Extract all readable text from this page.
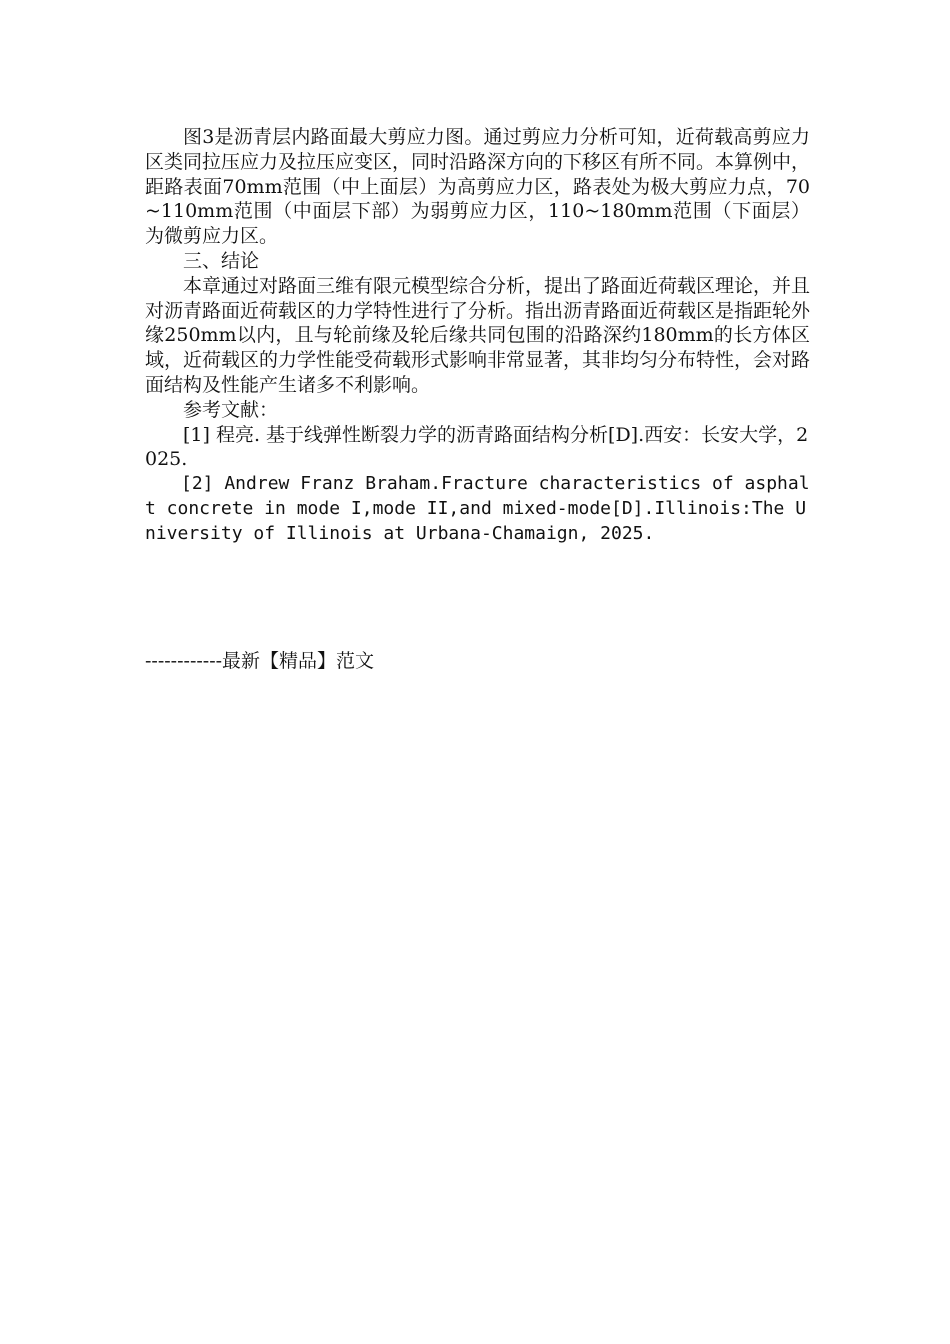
图3是沥青层内路面最大剪应力图。通过剪应力分析可知，近荷载高剪应力区类同拉压应力及拉压应变区，同时沿路深方向的下移区有所不同。本算例中，距路表面70mm范围（中上面层）为高剪应力区，路表处为极大剪应力点，70~110mm范围（中面层下部）为弱剪应力区，110~180mm范围（下面层）为微剪应力区。

三、结论

本章通过对路面三维有限元模型综合分析，提出了路面近荷载区理论，并且对沥青路面近荷载区的力学特性进行了分析。指出沥青路面近荷载区是指距轮外缘250mm以内，且与轮前缘及轮后缘共同包围的沿路深约180mm的长方体区域，近荷载区的力学性能受荷载形式影响非常显著，其非均匀分布特性，会对路面结构及性能产生诸多不利影响。

参考文献：

[1] 程亮. 基于线弹性断裂力学的沥青路面结构分析[D].西安：长安大学，2025.

[2] Andrew Franz Braham.Fracture characteristics of asphalt concrete in mode I,mode II,and mixed-mode[D].Illinois:The University of Illinois at Urbana-Chamaign, 2025.

------------最新【精品】范文
